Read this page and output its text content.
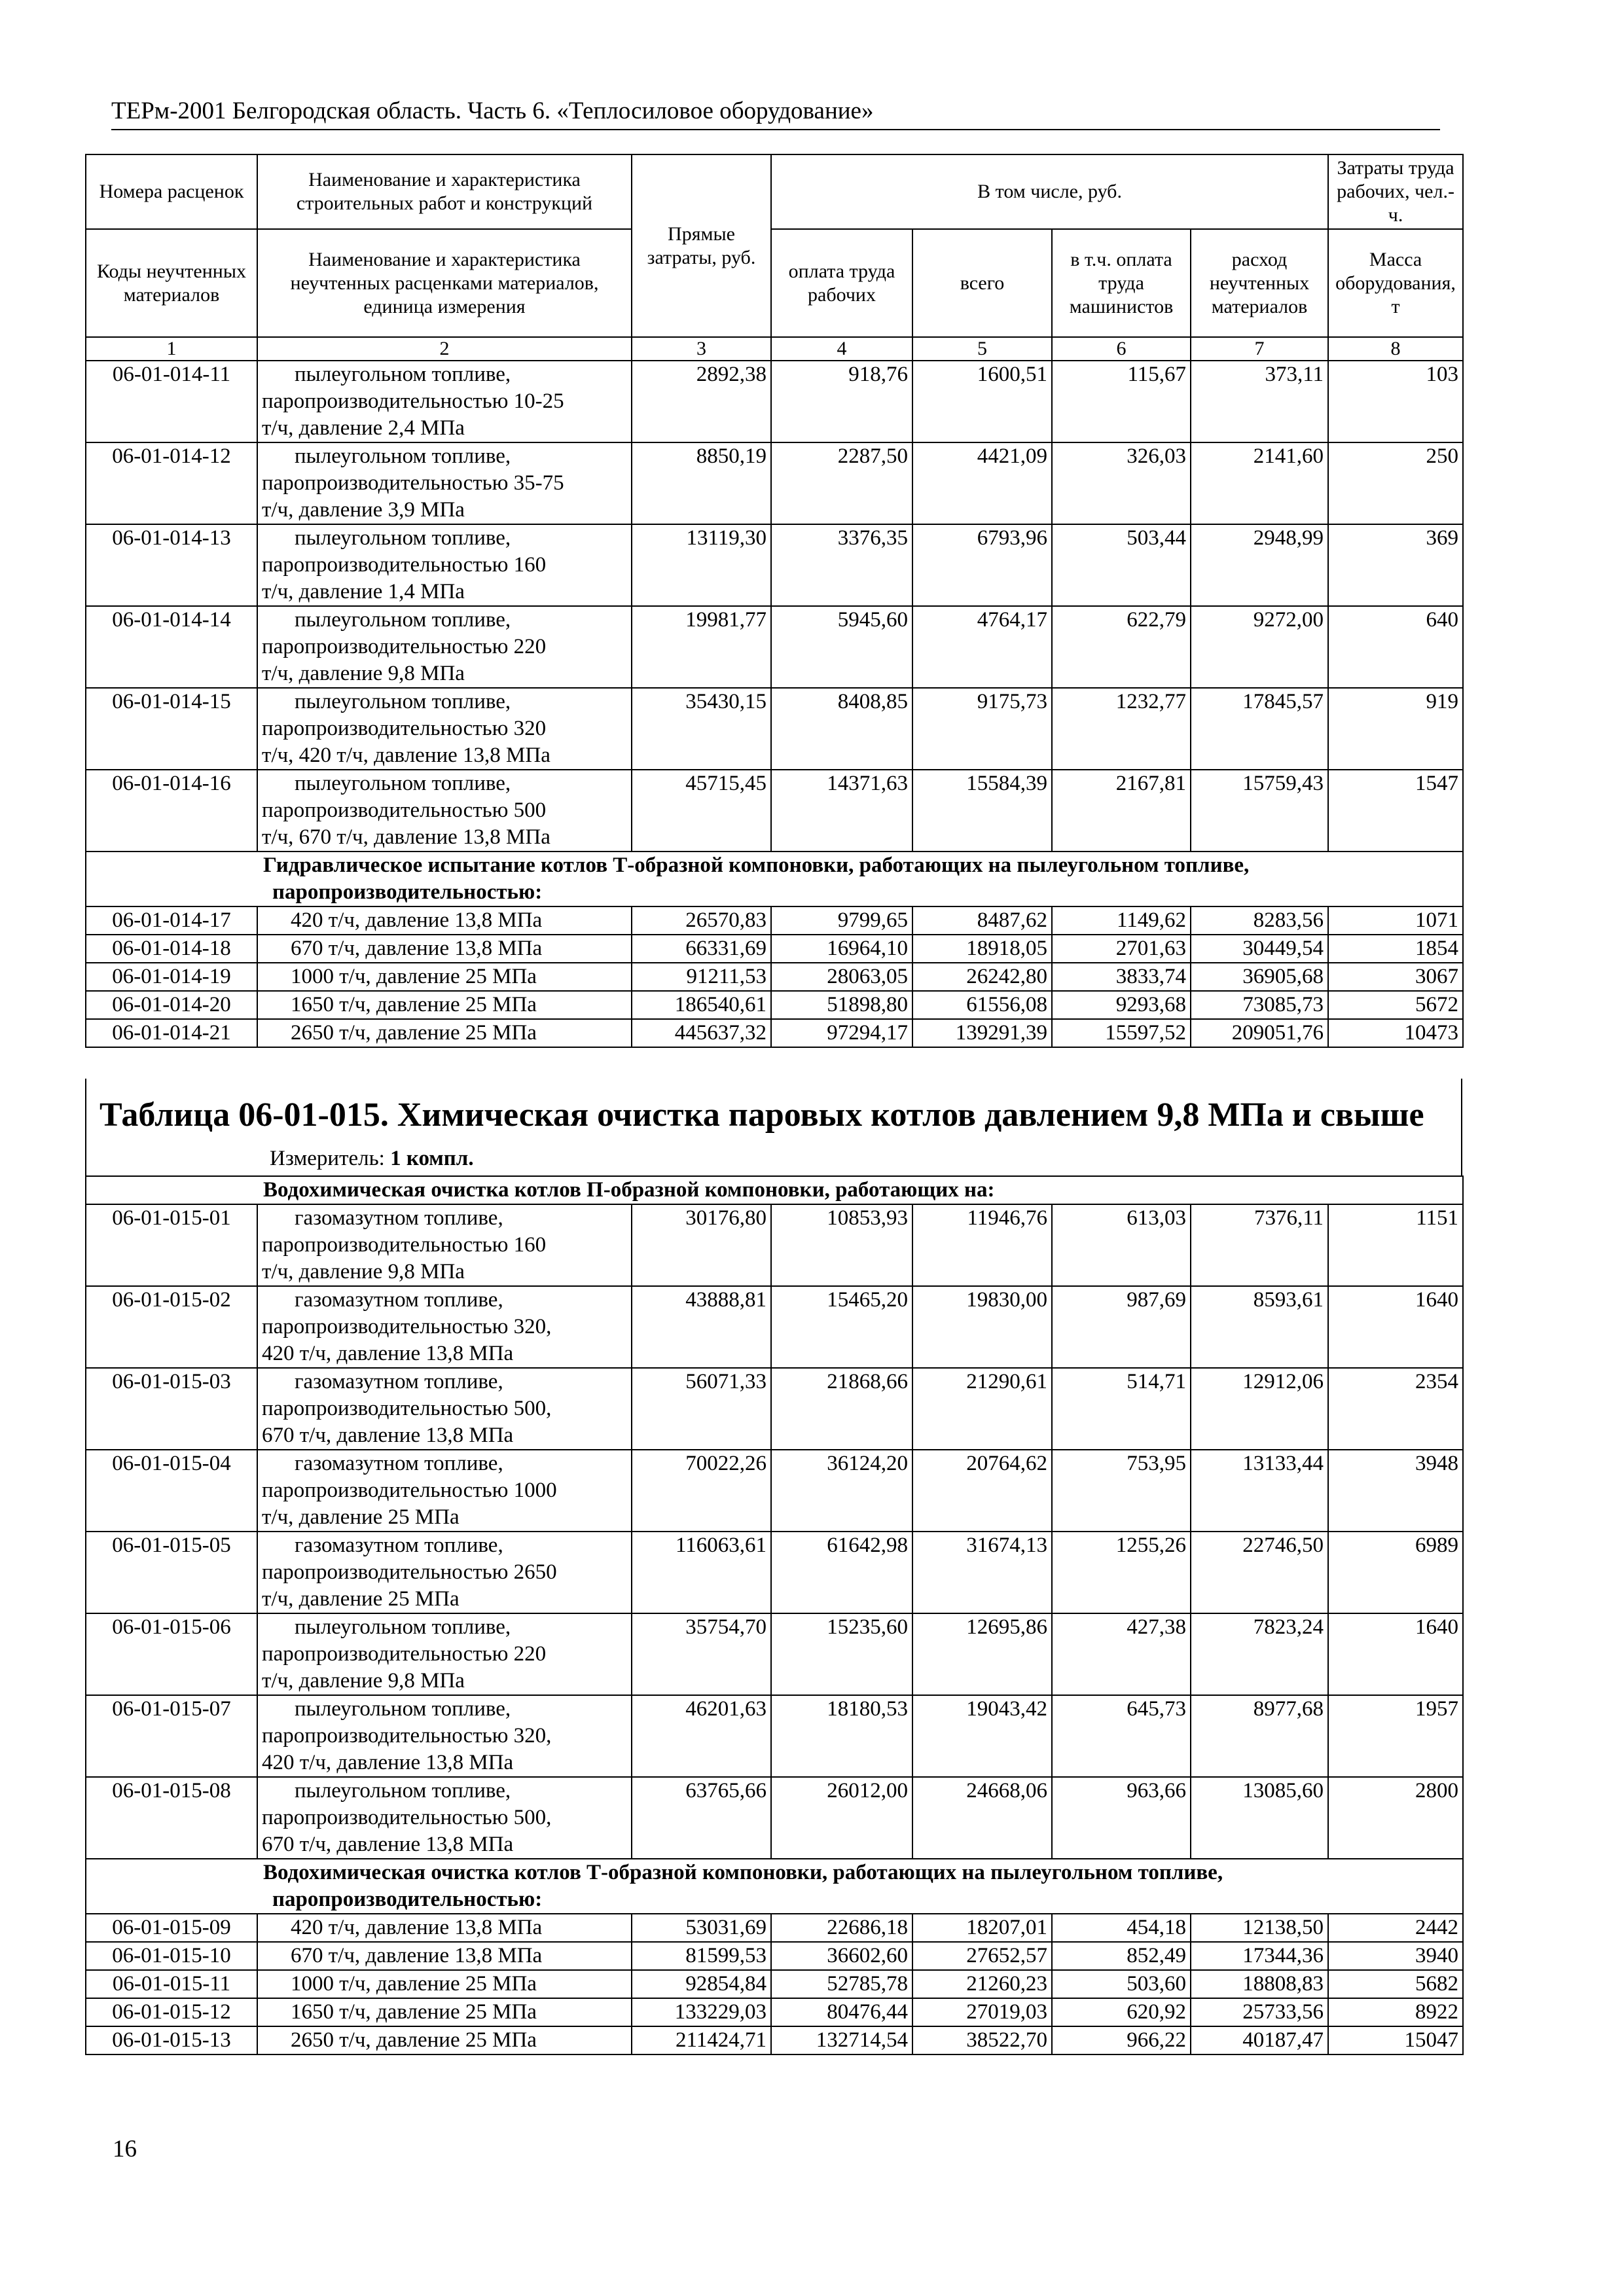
ТЕРм-2001 Белгородская область. Часть 6. «Теплосиловое оборудование»
Номера расценок	Наименование и характеристика строительных работ и конструкций	Прямые затраты, руб.	В том числе, руб.				Затраты труда рабочих, чел.-ч.

Коды неучтенных материалов	Наименование и характеристика неучтенных расценками материалов, единица измерения		оплата труда рабочих	всего	в т.ч. оплата труда машинистов	расход неучтенных материалов	Масса оборудования, т
1	2	3	4	5	6	7	8
06-01-014-11	пылеугольном топливе,
паропроизводительностью 10-25
т/ч, давление 2,4 МПа	2892,38	918,76	1600,51	115,67	373,11	103
06-01-014-12	пылеугольном топливе,
паропроизводительностью 35-75
т/ч, давление 3,9 МПа	8850,19	2287,50	4421,09	326,03	2141,60	250
06-01-014-13	пылеугольном топливе,
паропроизводительностью 160
т/ч, давление 1,4 МПа	13119,30	3376,35	6793,96	503,44	2948,99	369
06-01-014-14	пылеугольном топливе,
паропроизводительностью 220
т/ч, давление 9,8 МПа	19981,77	5945,60	4764,17	622,79	9272,00	640
06-01-014-15	пылеугольном топливе,
паропроизводительностью 320
т/ч, 420 т/ч, давление 13,8 МПа	35430,15	8408,85	9175,73	1232,77	17845,57	919
06-01-014-16	пылеугольном топливе,
паропроизводительностью 500
т/ч, 670 т/ч, давление 13,8 МПа	45715,45	14371,63	15584,39	2167,81	15759,43	1547

Гидравлическое испытание котлов Т-образной компоновки, работающих на пылеугольном топливе,
паропроизводительностью:							

06-01-014-17	420 т/ч, давление 13,8 МПа	26570,83	9799,65	8487,62	1149,62	8283,56	1071
06-01-014-18	670 т/ч, давление 13,8 МПа	66331,69	16964,10	18918,05	2701,63	30449,54	1854
06-01-014-19	1000 т/ч, давление 25 МПа	91211,53	28063,05	26242,80	3833,74	36905,68	3067
06-01-014-20	1650 т/ч, давление 25 МПа	186540,61	51898,80	61556,08	9293,68	73085,73	5672
06-01-014-21	2650 т/ч, давление 25 МПа	445637,32	97294,17	139291,39	15597,52	209051,76	10473
Таблица 06-01-015. Химическая очистка паровых котлов давлением 9,8 МПа и свыше
Измеритель: 1 компл.
Водохимическая очистка котлов П-образной компоновки, работающих на:							

06-01-015-01	газомазутном топливе,
паропроизводительностью 160
т/ч, давление 9,8 МПа	30176,80	10853,93	11946,76	613,03	7376,11	1151
06-01-015-02	газомазутном топливе,
паропроизводительностью 320,
420 т/ч, давление 13,8 МПа	43888,81	15465,20	19830,00	987,69	8593,61	1640
06-01-015-03	газомазутном топливе,
паропроизводительностью 500,
670 т/ч, давление 13,8 МПа	56071,33	21868,66	21290,61	514,71	12912,06	2354
06-01-015-04	газомазутном топливе,
паропроизводительностью 1000
т/ч, давление 25 МПа	70022,26	36124,20	20764,62	753,95	13133,44	3948
06-01-015-05	газомазутном топливе,
паропроизводительностью 2650
т/ч, давление 25 МПа	116063,61	61642,98	31674,13	1255,26	22746,50	6989
06-01-015-06	пылеугольном топливе,
паропроизводительностью 220
т/ч, давление 9,8 МПа	35754,70	15235,60	12695,86	427,38	7823,24	1640
06-01-015-07	пылеугольном топливе,
паропроизводительностью 320,
420 т/ч, давление 13,8 МПа	46201,63	18180,53	19043,42	645,73	8977,68	1957
06-01-015-08	пылеугольном топливе,
паропроизводительностью 500,
670 т/ч, давление 13,8 МПа	63765,66	26012,00	24668,06	963,66	13085,60	2800

Водохимическая очистка котлов Т-образной компоновки, работающих на пылеугольном топливе,
паропроизводительностью:							

06-01-015-09	420 т/ч, давление 13,8 МПа	53031,69	22686,18	18207,01	454,18	12138,50	2442
06-01-015-10	670 т/ч, давление 13,8 МПа	81599,53	36602,60	27652,57	852,49	17344,36	3940
06-01-015-11	1000 т/ч, давление 25 МПа	92854,84	52785,78	21260,23	503,60	18808,83	5682
06-01-015-12	1650 т/ч, давление 25 МПа	133229,03	80476,44	27019,03	620,92	25733,56	8922
06-01-015-13	2650 т/ч, давление 25 МПа	211424,71	132714,54	38522,70	966,22	40187,47	15047
16
